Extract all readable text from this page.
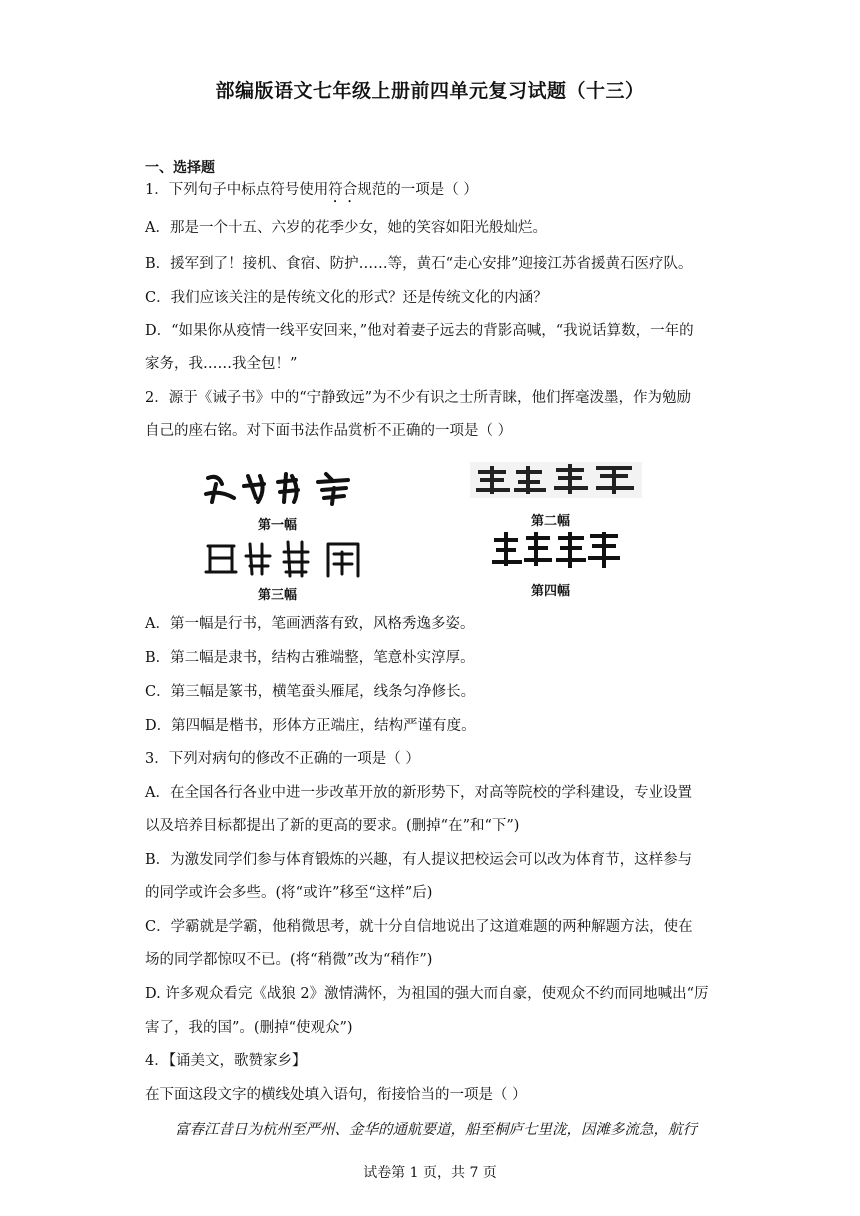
部编版语文七年级上册前四单元复习试题（十三）
一、选择题
1．下列句子中标点符号使用符合规范的一项是（ ）
A．那是一个十五、六岁的花季少女，她的笑容如阳光般灿烂。
B．援军到了！接机、食宿、防护……等，黄石“走心安排”迎接江苏省援黄石医疗队。
C．我们应该关注的是传统文化的形式？还是传统文化的内涵？
D．“如果你从疫情一线平安回来，”他对着妻子远去的背影高喊，“我说话算数，一年的
家务，我……我全包！”
2．源于《诫子书》中的“宁静致远”为不少有识之士所青睐，他们挥毫泼墨，作为勉励
自己的座右铭。对下面书法作品赏析不正确的一项是（ ）
第一幅	第二幅
第三幅	第四幅
A．第一幅是行书，笔画洒落有致，风格秀逸多姿。
B．第二幅是隶书，结构古雅端整，笔意朴实淳厚。
C．第三幅是篆书，横笔蚕头雁尾，线条匀净修长。
D．第四幅是楷书，形体方正端庄，结构严谨有度。
3．下列对病句的修改不正确的一项是（ ）
A．在全国各行各业中进一步改革开放的新形势下，对高等院校的学科建设，专业设置
以及培养目标都提出了新的更高的要求。(删掉“在”和“下”)
B．为激发同学们参与体育锻炼的兴趣，有人提议把校运会可以改为体育节，这样参与
的同学或许会多些。(将“或许”移至“这样”后)
C．学霸就是学霸，他稍微思考，就十分自信地说出了这道难题的两种解题方法，使在
场的同学都惊叹不已。(将“稍微”改为“稍作”)
D. 许多观众看完《战狼 2》激情满怀，为祖国的强大而自豪，使观众不约而同地喊出“厉
害了，我的国”。(删掉“使观众”)
4．【诵美文，歌赞家乡】
在下面这段文字的横线处填入语句，衔接恰当的一项是（ ）
富春江昔日为杭州至严州、金华的通航要道，船至桐庐七里泷，因滩多流急，航行
试卷第 1 页，共 7 页
